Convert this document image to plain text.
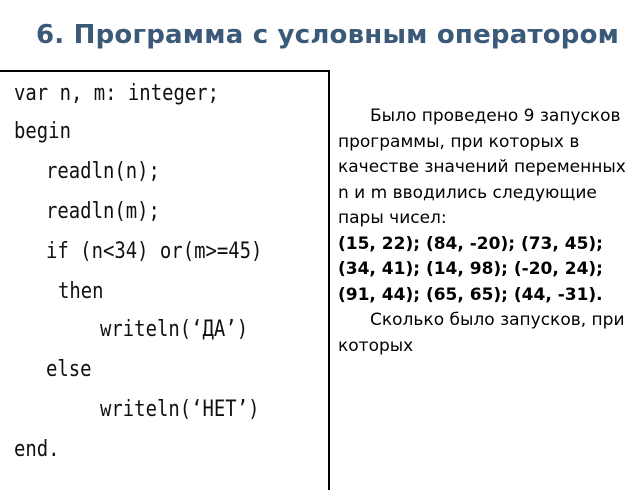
6. Программа с условным оператором
var n, m: integer;
begin
readln(n);
readln(m);
if (n<34) or(m>=45)
then
writeln(‘ДА’)
else
writeln(‘НЕТ’)
end.

Было проведено 9 запусков программы, при которых в качестве значений переменных n и m вводились следующие пары чисел:

(15, 22); (84, -20); (73, 45); (34, 41); (14, 98); (-20, 24); (91, 44); (65, 65); (44, -31).

Сколько было запусков, при которых
